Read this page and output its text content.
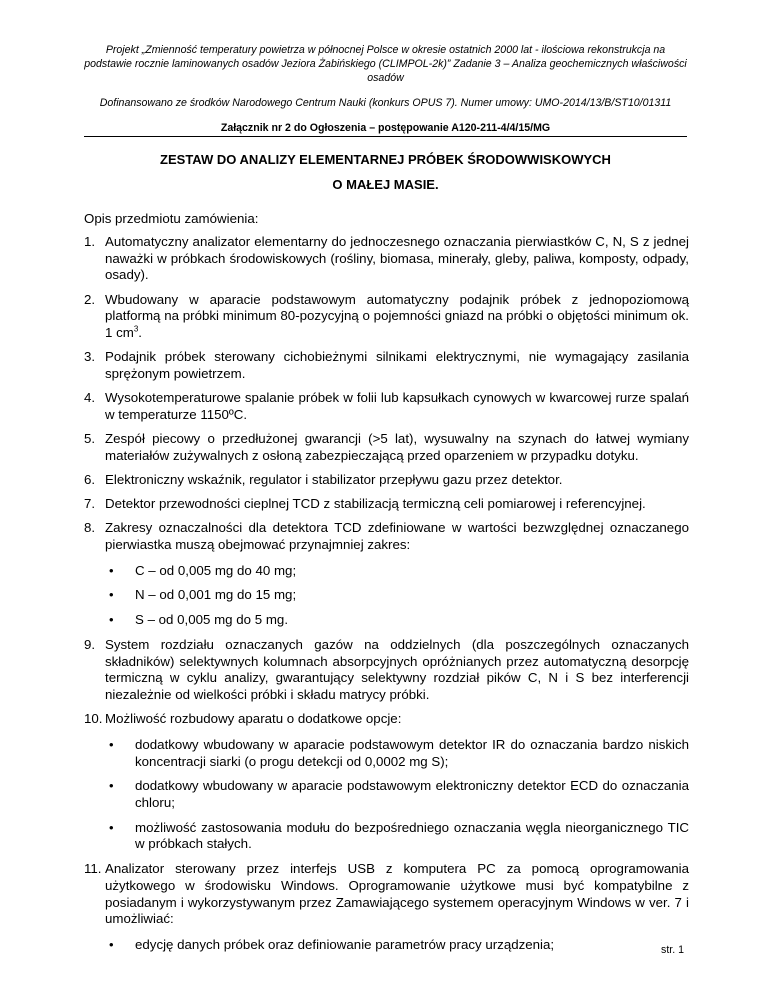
Projekt „Zmienność temperatury powietrza w północnej Polsce w okresie ostatnich 2000 lat - ilościowa rekonstrukcja na podstawie rocznie laminowanych osadów Jeziora Żabińskiego (CLIMPOL-2k)” Zadanie 3 – Analiza geochemicznych właściwości osadów
Dofinansowano ze środków Narodowego Centrum Nauki (konkurs OPUS 7). Numer umowy: UMO-2014/13/B/ST10/01311
Załącznik nr 2 do Ogłoszenia – postępowanie A120-211-4/4/15/MG
ZESTAW DO ANALIZY ELEMENTARNEJ PRÓBEK ŚRODOWWISKOWYCH
O MAŁEJ MASIE.
Opis przedmiotu zamówienia:
1. Automatyczny analizator elementarny do jednoczesnego oznaczania pierwiastków C, N, S z jednej naważki w próbkach środowiskowych (rośliny, biomasa, minerały, gleby, paliwa, komposty, odpady, osady).
2. Wbudowany w aparacie podstawowym automatyczny podajnik próbek z jednopoziomową platformą na próbki minimum 80-pozycyjną o pojemności gniazd na próbki o objętości minimum ok. 1 $cm^3$.
3. Podajnik próbek sterowany cichobieżnymi silnikami elektrycznymi, nie wymagający zasilania sprężonym powietrzem.
4. Wysokotemperaturowe spalanie próbek w folii lub kapsułkach cynowych w kwarcowej rurze spalań w temperaturze 1150ºC.
5. Zespół piecowy o przedłużonej gwarancji (>5 lat), wysuwalny na szynach do łatwej wymiany materiałów zużywalnych z osłoną zabezpieczającą przed oparzeniem w przypadku dotyku.
6. Elektroniczny wskaźnik, regulator i stabilizator przepływu gazu przez detektor.
7. Detektor przewodności cieplnej TCD z stabilizacją termiczną celi pomiarowej i referencyjnej.
8. Zakresy oznaczalności dla detektora TCD zdefiniowane w wartości bezwzględnej oznaczanego pierwiastka muszą obejmować przynajmniej zakres:
• C – od 0,005 mg do 40 mg;
• N – od 0,001 mg do 15 mg;
• S – od 0,005 mg do 5 mg.
9. System rozdziału oznaczanych gazów na oddzielnych (dla poszczególnych oznaczanych składników) selektywnych kolumnach absorpcyjnych opróżnianych przez automatyczną desorpcję termiczną w cyklu analizy, gwarantujący selektywny rozdział pików C, N i S bez interferencji niezależnie od wielkości próbki i składu matrycy próbki.
10. Możliwość rozbudowy aparatu o dodatkowe opcje:
• dodatkowy wbudowany w aparacie podstawowym detektor IR do oznaczania bardzo niskich koncentracji siarki (o progu detekcji od 0,0002 mg S);
• dodatkowy wbudowany w aparacie podstawowym elektroniczny detektor ECD do oznaczania chloru;
• możliwość zastosowania modułu do bezpośredniego oznaczania węgla nieorganicznego TIC w próbkach stałych.
11. Analizator sterowany przez interfejs USB z komputera PC za pomocą oprogramowania użytkowego w środowisku Windows. Oprogramowanie użytkowe musi być kompatybilne z posiadanym i wykorzystywanym przez Zamawiającego systemem operacyjnym Windows w ver. 7 i umożliwiać:
• edycję danych próbek oraz definiowanie parametrów pracy urządzenia;	str. 1
